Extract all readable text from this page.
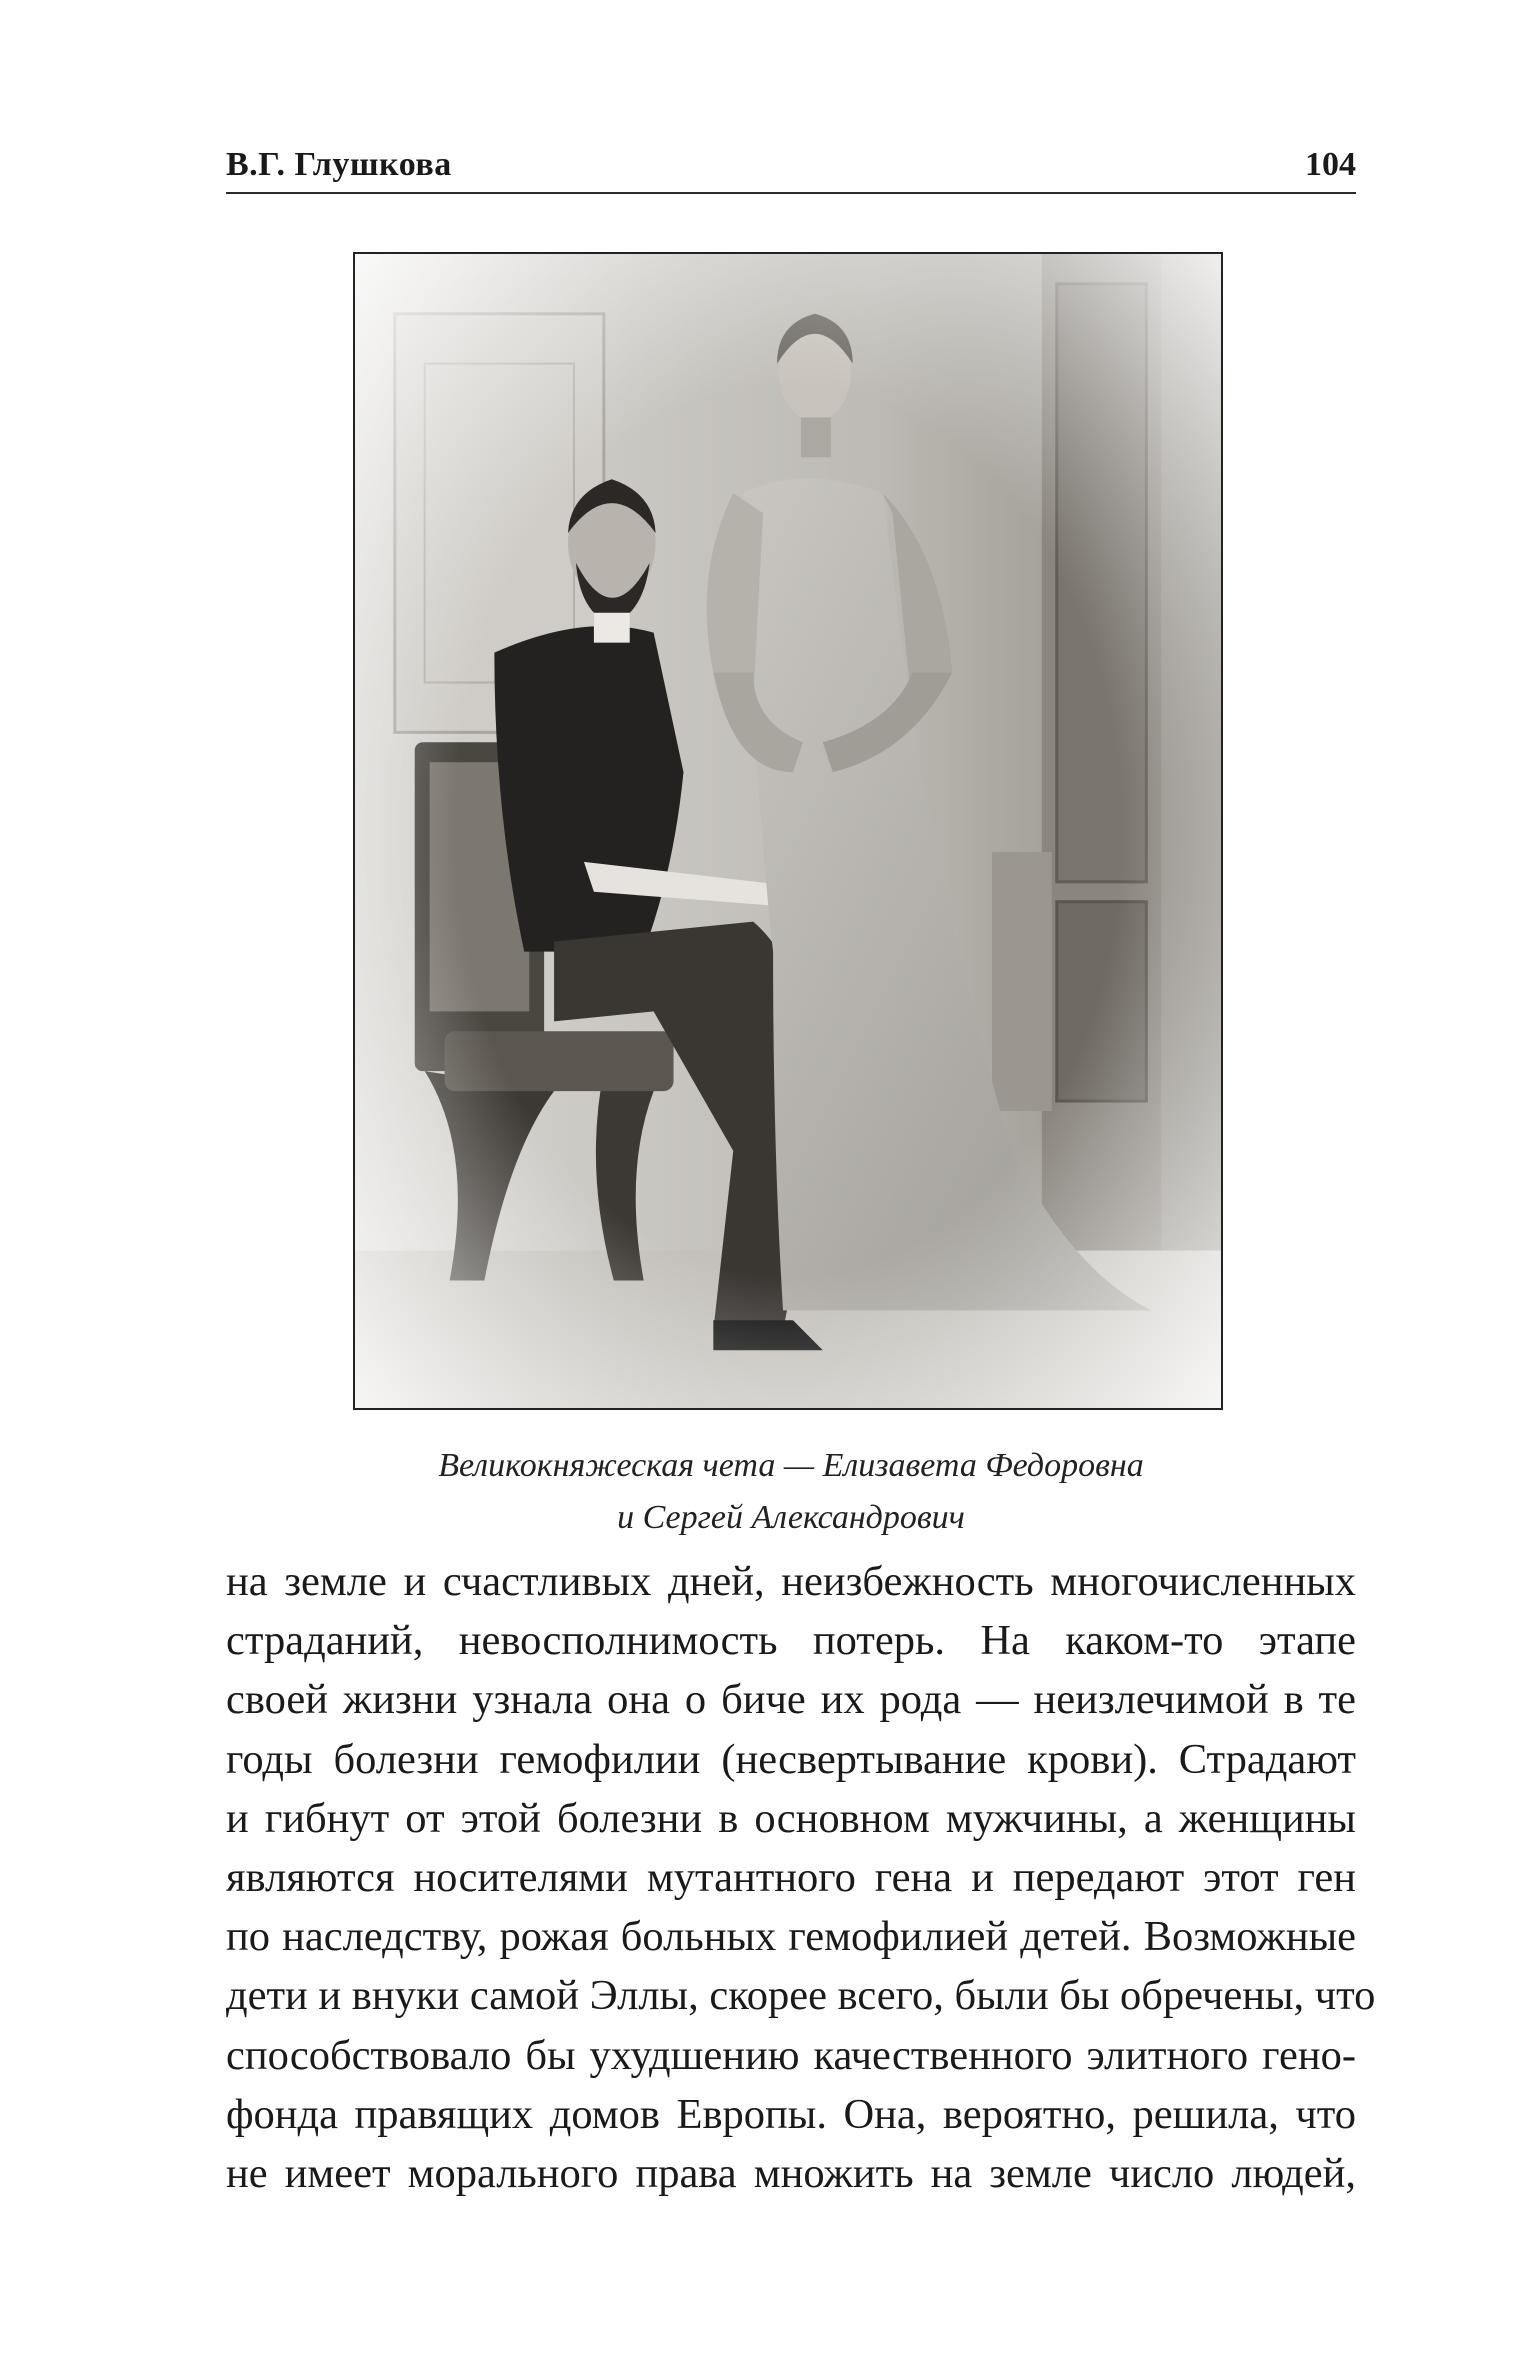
В.Г. Глушкова	104
Великокняжеская чета — Елизавета Федоровна
и Сергей Александрович
на земле и счастливых дней, неизбежность многочисленных
страданий, невосполнимость потерь. На каком-то этапе
своей жизни узнала она о биче их рода — неизлечимой в те
годы болезни гемофилии (несвертывание крови). Страдают
и гибнут от этой болезни в основном мужчины, а женщины
являются носителями мутантного гена и передают этот ген
по наследству, рожая больных гемофилией детей. Возможные
дети и внуки самой Эллы, скорее всего, были бы обречены, что
способствовало бы ухудшению качественного элитного гено-
фонда правящих домов Европы. Она, вероятно, решила, что
не имеет морального права множить на земле число людей,
